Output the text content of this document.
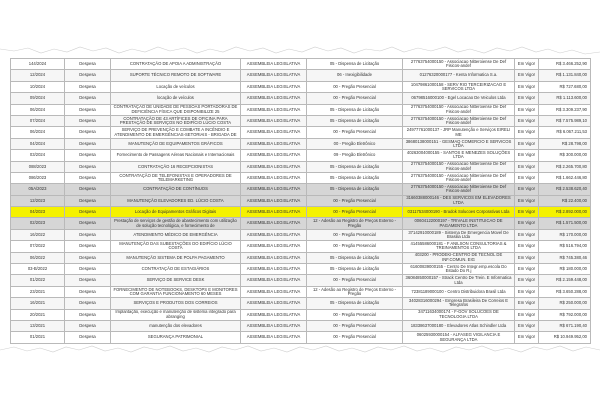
144/2024	Despesa	CONTRATAÇÃO DE APOIA A ADMINISTRAÇÃO	ASSEMBLEIA LEGISLATIVA	05 - Dispensa de Licitação	27763754000150 - Associacao Nitteroiense De Def Fisicos-andef	Em Vigor	R$ 3.466.252,90
12/2024	Despesa	SUPORTE TÉCNICO REMOTO DE SOFTWARE	ASSEMBLEIA LEGISLATIVA	06 - Inexigibilidade	01276320000177 - Kenta Informatica S.a.	Em Vigor	R$ 1.131.840,00
10/2024	Despesa	Locação de veículos	ASSEMBLEIA LEGISLATIVA	00 - Pregão Presencial	10479861000158 - SERV RIO TERCEIRIZACAO E SERVICOS LTDA	Em Vigor	R$ 727.680,00
09/2024	Despesa	locação de veículos	ASSEMBLEIA LEGISLATIVA	00 - Pregão Presencial	06798516000100 - Egel Locacao De Veiculos Ltda	Em Vigor	R$ 1.113.600,00
06/2024	Despesa	CONTRATAÇÃO DE UNIDADE DE PESSOAS PORTADORAS DE DEFICIÊNCIA FÍSICA QUE DISPONIBILIZE 25	ASSEMBLEIA LEGISLATIVA	05 - Dispensa de Licitação	27763754000150 - Associacao Nitteroiense De Def Fisicos-andef	Em Vigor	R$ 3.309.237,90
07/2024	Despesa	CONTRATAÇÃO DE 43 ARTÍFICES DE OFICINA PARA PRESTAÇÃO DE SERVIÇOS NO EDIFÍCIO LÚCIO COSTA	ASSEMBLEIA LEGISLATIVA	05 - Dispensa de Licitação	27763754000150 - Associacao Nitteroiense De Def Fisicos-andef	Em Vigor	R$ 7.575.989,10
06/2024	Despesa	SERVIÇO DE PREVENÇÃO E COMBATE A INCÊNDIO E ATENDIMENTO DE EMERGÊNCIAS-SETORIAIS - BRIGADA DE	ASSEMBLEIA LEGISLATIVA	00 - Pregão Presencial	24977761000137 - JRP Manutenção e Serviços EIRELI ME	Em Vigor	R$ 6.067.211,53
04/2024	Despesa	MANUTENÇÃO DE EQUIPAMENTOS GRÁFICOS	ASSEMBLEIA LEGISLATIVA	00 - Pregão Eletrônico	38680138000151 - GESMAQ COMERCIO E SERVICOS LTDA	Em Vigor	R$ 28.798,00
03/2024	Despesa	Fornecimento de Passagens Aéreas Nacionais e Internacionais	ASSEMBLEIA LEGISLATIVA	09 - Pregão Eletrônico	40263004000155 - SANTOS E MENEZES SOLUÇÕES LTDA	Em Vigor	R$ 300.000,00
088/2023	Despesa	CONTRATAÇÃO 16 RECEPCIONISTAS	ASSEMBLEIA LEGISLATIVA	05 - Dispensa de Licitação	27763754000150 - Associacao Nitteroiense De Def Fisicos-andef	Em Vigor	R$ 2.265.700,80
086/2023	Despesa	CONTRATAÇÃO DE TELEFONISTAS E OPERADORES DE TELEMARKETING	ASSEMBLEIA LEGISLATIVA	05 - Dispensa de Licitação	27763754000150 - Associacao Nitteroiense De Def Fisicos-andef	Em Vigor	R$ 1.662.446,80
05A/2023	Despesa	CONTRATAÇÃO DE CONTÍNUOS	ASSEMBLEIA LEGISLATIVA	05 - Dispensa de Licitação	27763754000150 - Associacao Nitteroiense De Def Fisicos-andef	Em Vigor	R$ 2.538.620,40
12/2023	Despesa	MANUTENÇÃO ELEVADORES ED. LÚCIO COSTA	ASSEMBLEIA LEGISLATIVA	00 - Pregão Presencial	31660388000146 - DES SERVICOS EM ELEVADORES LTDA	Em Vigor	R$ 22.400,00
04/2023	Despesa	Locação de Equipamentos Gráficos Digitais	ASSEMBLEIA LEGISLATIVA	00 - Pregão Presencial	03117534000190 - Bradok Solucoes Corporativas Ltda	Em Vigor	R$ 2.892.000,00
02/2023	Despesa	Prestação de serviços de gestão de abastecimento com utilização de solução tecnológica, e fornecimento de	ASSEMBLEIA LEGISLATIVA	12 - Adesão ao Registro de Preços Externo - Pregão	00604122000197 - TRIVALE INSTITUICAO DE PAGAMENTO LTDA	Em Vigor	R$ 1.571.500,00
16/2022	Despesa	ATENDIMENTO MÉDICO DE EMERGÊNCIA	ASSEMBLEIA LEGISLATIVA	00 - Pregão Presencial	37142910000189 - Sistema De Emergencia Movel De Brasilia Ltda	Em Vigor	R$ 170.000,00
07/2022	Despesa	MANUTENÇÃO DAS SUBESTAÇÕES DO EDIFÍCIO LÚCIO COSTA	ASSEMBLEIA LEGISLATIVA	00 - Pregão Presencial	41455586000181 - F ANILSON CONSULTORIAS & TREINAMENTOS LTDA	Em Vigor	R$ 516.794,00
06/2022	Despesa	MANUTENÇÃO SISTEMA DE POLPA PAGAMENTO	ASSEMBLEIA LEGISLATIVA	05 - Dispensa de Licitação	403200 - PRODEKI-CENTRO DE TECNOL DE INF.COMUN. EIG	Em Vigor	R$ 745.380,46
03-B/2022	Despesa	CONTRATAÇÃO DE ESTAGIÁRIOS	ASSEMBLEIA LEGISLATIVA	05 - Dispensa de Licitação	61600839000155 - Centro De Integr.emp.escola Do Estado Do R.j	Em Vigor	R$ 180.000,00
01/2022	Despesa	SERVIÇO DE SERVICE DESK	ASSEMBLEIA LEGISLATIVA	00 - Pregão Presencial	36084850000157 - Strack Centro De Trein. E Informatica Ltda	Em Vigor	R$ 2.159.448,00
23/2021	Despesa	FORNECIMENTO DE NOTEBOOKS, DESKTOPS E MONITORES COM GARANTIA FUNCIONAMENTO 60 MESES	ASSEMBLEIA LEGISLATIVA	12 - Adesão ao Registro de Preços Externo - Pregão	72381189000100 - Centro Distribuidora Brasil Ltda	Em Vigor	R$ 3.650.288,00
16/2021	Despesa	SERVIÇOS E PRODUTOS DOS CORREIOS	ASSEMBLEIA LEGISLATIVA	05 - Dispensa de Licitação	34028316000294 - Empresa Brasileira De Correios E Telegrafos	Em Vigor	R$ 250.000,00
20/2021	Despesa	Implantação, execução e manutenção de sistema integrado para abranging	ASSEMBLEIA LEGISLATIVA	00 - Pregão Presencial	34711634000174 - F-GOV SOLUCOES DE TECNOLOGIA LTDA	Em Vigor	R$ 792.000,00
13/2021	Despesa	manutenção dos elevadores	ASSEMBLEIA LEGISLATIVA	00 - Pregão Presencial	18338637000180 - Elevadores Atlas Schindler Ltda	Em Vigor	R$ 671.190,40
01/2021	Despesa	SEGURANÇA PATRIMONIAL	ASSEMBLEIA LEGISLATIVA	00 - Pregão Presencial	06025930000154 - ALFASEG VIGILANCIA E SEGURANÇA LTDA	Em Vigor	R$ 10.949.952,00
